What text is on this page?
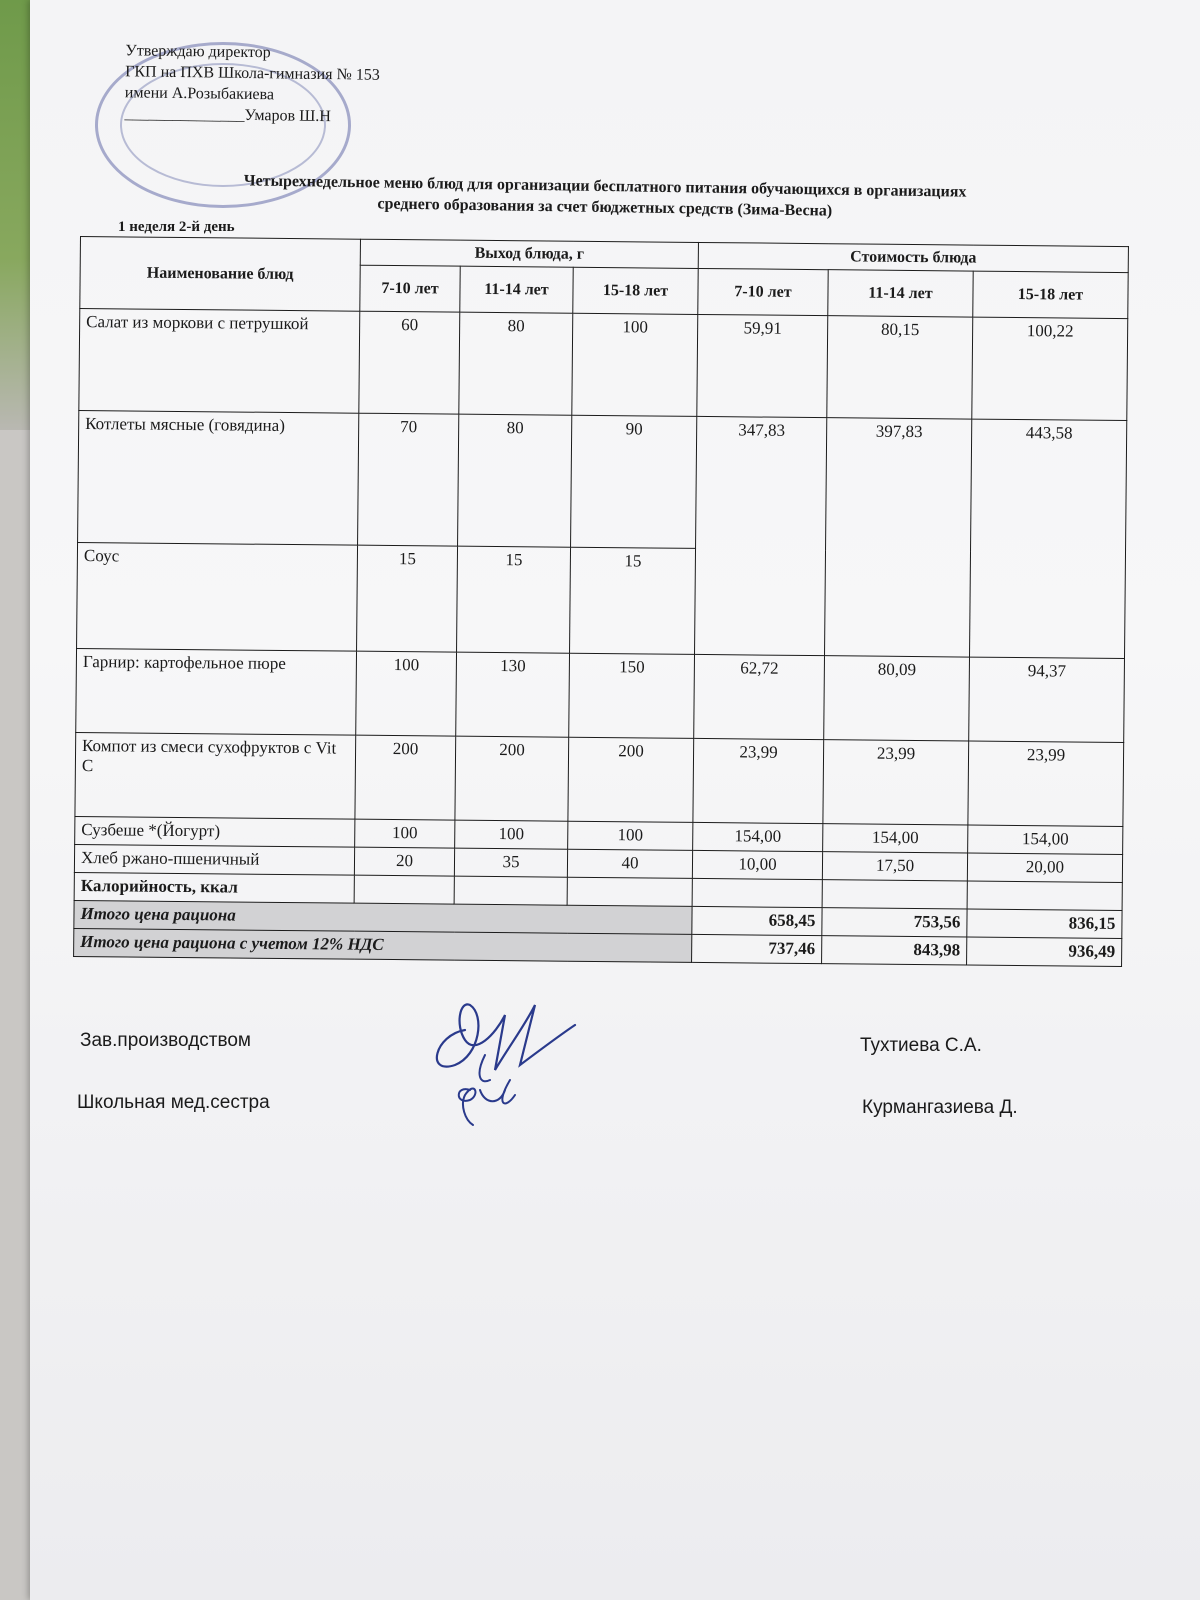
Утверждаю директор
ГКП на ПХВ Школа-гимназия № 153
имени А.Розыбакиева
_______________Умаров Ш.Н
Четырехнедельное меню блюд для организации бесплатного питания обучающихся в организациях
среднего образования за счет бюджетных средств (Зима-Весна)
1 неделя 2-й день
Наименование блюд	Выход блюда, г			Стоимость блюда		
	7-10 лет	11-14 лет	15-18 лет	7-10 лет	11-14 лет	15-18 лет
Салат из моркови с петрушкой	60	80	100	59,91	80,15	100,22
Котлеты мясные (говядина)	70	80	90	347,83	397,83	443,58
Соус	15	15	15			
Гарнир: картофельное пюре	100	130	150	62,72	80,09	94,37
Компот из смеси сухофруктов с Vit C	200	200	200	23,99	23,99	23,99
Сузбеше *(Йогурт)	100	100	100	154,00	154,00	154,00
Хлеб ржано-пшеничный	20	35	40	10,00	17,50	20,00
Калорийность, ккал						
Итого цена рациона				658,45	753,56	836,15
Итого цена рациона с учетом 12% НДС				737,46	843,98	936,49
Зав.производством
Школьная мед.сестра
Тухтиева С.А.
Курмангазиева Д.
